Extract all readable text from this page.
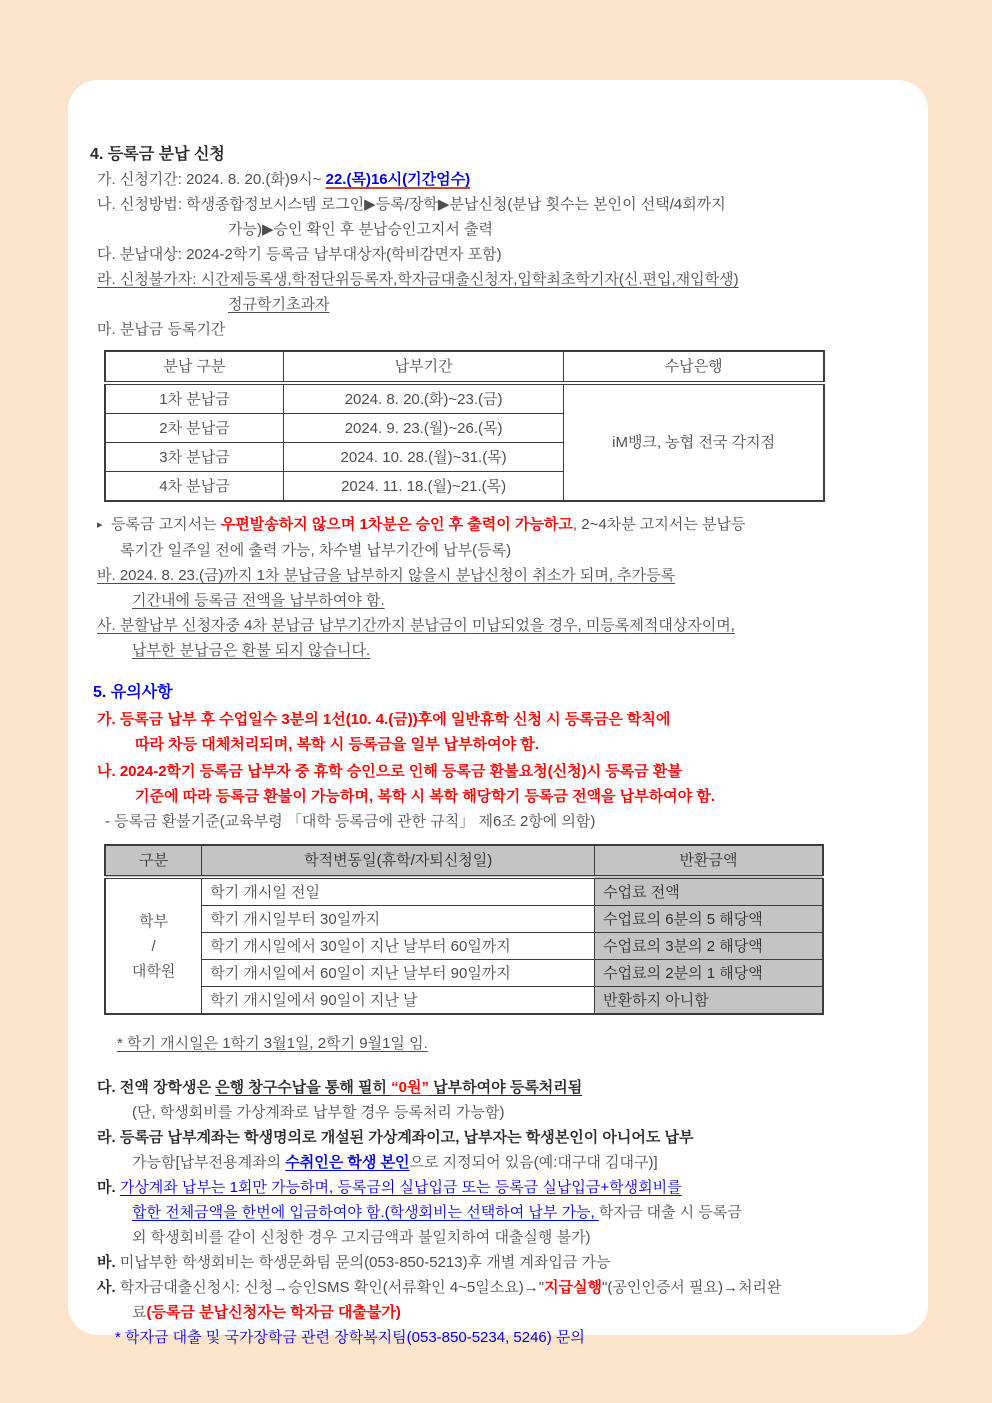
4. 등록금 분납 신청
가. 신청기간: 2024. 8. 20.(화)9시~ 22.(목)16시(기간엄수)
나. 신청방법: 학생종합정보시스템 로그인▶등록/장학▶분납신청(분납 횟수는 본인이 선택/4회까지
가능)▶승인 확인 후 분납승인고지서 출력
다. 분납대상: 2024-2학기 등록금 납부대상자(학비감면자 포함)
라. 신청불가자: 시간제등록생,학점단위등록자,학자금대출신청자,입학최초학기자(신.편입,재입학생)
정규학기초과자
마. 분납금 등록기간
분납 구분	납부기간	수납은행
1차 분납금	2024. 8. 20.(화)~23.(금)	iM뱅크, 농협 전국 각지점
2차 분납금	2024. 9. 23.(월)~26.(목)	
3차 분납금	2024. 10. 28.(월)~31.(목)	
4차 분납금	2024. 11. 18.(월)~21.(목)	
▸ 등록금 고지서는 우편발송하지 않으며 1차분은 승인 후 출력이 가능하고, 2~4차분 고지서는 분납등
록기간 일주일 전에 출력 가능, 차수별 납부기간에 납부(등록)
바. 2024. 8. 23.(금)까지 1차 분납금을 납부하지 않을시 분납신청이 취소가 되며, 추가등록
기간내에 등록금 전액을 납부하여야 함.
사. 분할납부 신청자중 4차 분납금 납부기간까지 분납금이 미납되었을 경우, 미등록제적대상자이며,
납부한 분납금은 환불 되지 않습니다.
5. 유의사항
가. 등록금 납부 후 수업일수 3분의 1선(10. 4.(금))후에 일반휴학 신청 시 등록금은 학칙에
따라 차등 대체처리되며, 복학 시 등록금을 일부 납부하여야 함.
나. 2024-2학기 등록금 납부자 중 휴학 승인으로 인해 등록금 환불요청(신청)시 등록금 환불
기준에 따라 등록금 환불이 가능하며, 복학 시 복학 해당학기 등록금 전액을 납부하여야 함.
- 등록금 환불기준(교육부령 「대학 등록금에 관한 규칙」 제6조 2항에 의함)
구분	학적변동일(휴학/자퇴신청일)	반환금액

학부
/
대학원	학기 개시일 전일	수업료 전액
	학기 개시일부터 30일까지	수업료의 6분의 5 해당액
	학기 개시일에서 30일이 지난 날부터 60일까지	수업료의 3분의 2 해당액
	학기 개시일에서 60일이 지난 날부터 90일까지	수업료의 2분의 1 해당액
	학기 개시일에서 90일이 지난 날	반환하지 아니함
* 학기 개시일은 1학기 3월1일, 2학기 9월1일 임.
다. 전액 장학생은 은행 창구수납을 통해 필히 “0원” 납부하여야 등록처리됨
(단, 학생회비를 가상계좌로 납부할 경우 등록처리 가능함)
라. 등록금 납부계좌는 학생명의로 개설된 가상계좌이고, 납부자는 학생본인이 아니어도 납부
가능함[납부전용계좌의 수취인은 학생 본인으로 지정되어 있음(예:대구대 김대구)]
마. 가상계좌 납부는 1회만 가능하며, 등록금의 실납입금 또는 등록금 실납입금+학생회비를
합한 전체금액을 한번에 입금하여야 함.(학생회비는 선택하여 납부 가능, 학자금 대출 시 등록금
외 학생회비를 같이 신청한 경우 고지금액과 불일치하여 대출실행 불가)
바. 미납부한 학생회비는 학생문화팀 문의(053-850-5213)후 개별 계좌입금 가능
사. 학자금대출신청시: 신청→승인SMS 확인(서류확인 4~5일소요)→"지급실행"(공인인증서 필요)→처리완
료(등록금 분납신청자는 학자금 대출불가)
* 학자금 대출 및 국가장학금 관련 장학복지팀(053-850-5234, 5246) 문의
